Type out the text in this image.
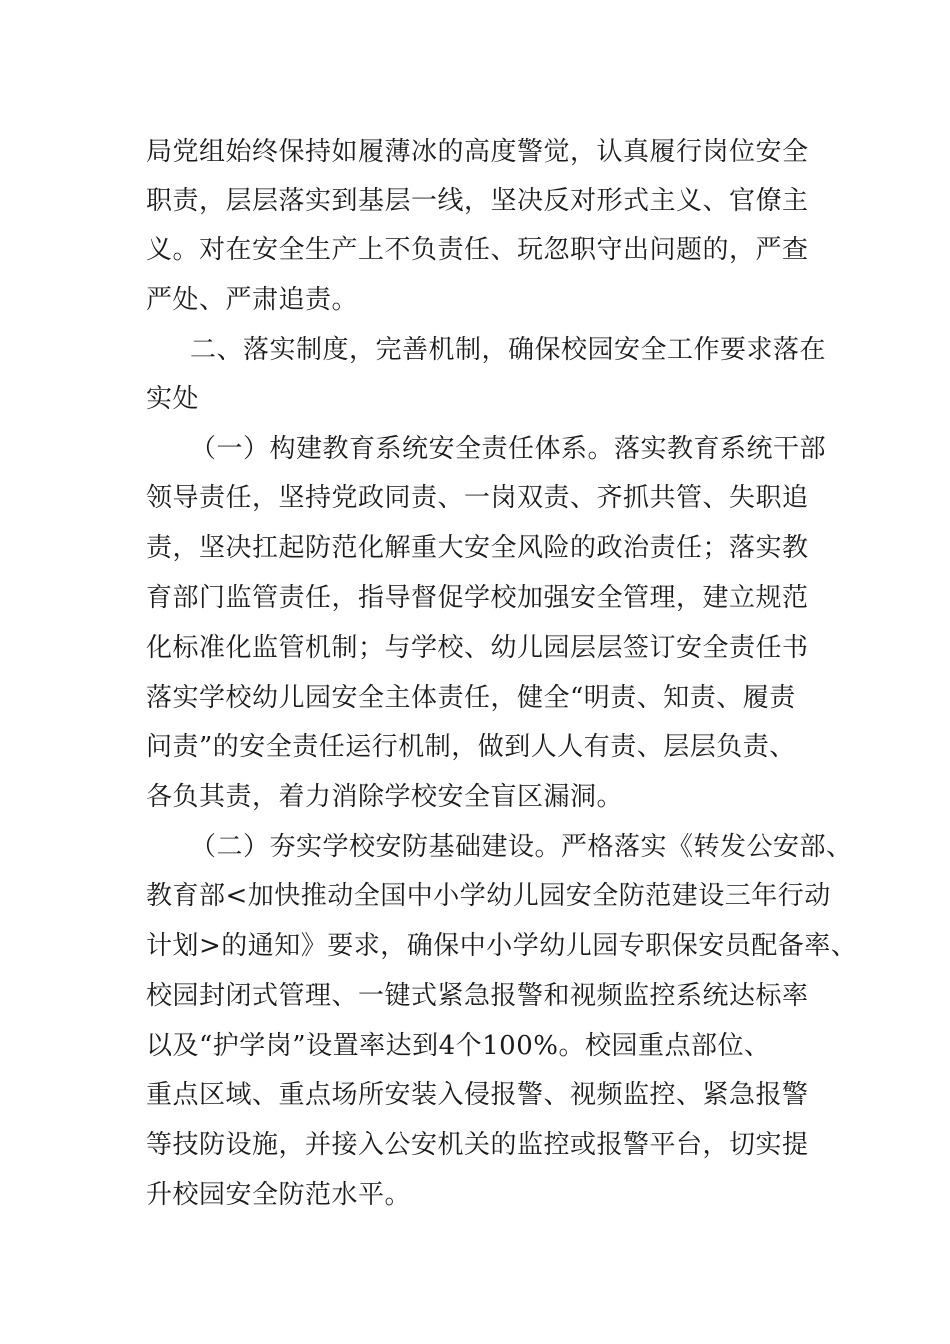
局党组始终保持如履薄冰的高度警觉，认真履行岗位安全
职责，层层落实到基层一线，坚决反对形式主义、官僚主
义。对在安全生产上不负责任、玩忽职守出问题的，严查
严处、严肃追责。
二、落实制度，完善机制，确保校园安全工作要求落在
实处
（一）构建教育系统安全责任体系。落实教育系统干部
领导责任，坚持党政同责、一岗双责、齐抓共管、失职追
责，坚决扛起防范化解重大安全风险的政治责任；落实教
育部门监管责任，指导督促学校加强安全管理，建立规范
化标准化监管机制；与学校、幼儿园层层签订安全责任书
落实学校幼儿园安全主体责任，健全“明责、知责、履责
问责”的安全责任运行机制，做到人人有责、层层负责、
各负其责，着力消除学校安全盲区漏洞。
（二）夯实学校安防基础建设。严格落实《转发公安部、
教育部<加快推动全国中小学幼儿园安全防范建设三年行动
计划>的通知》要求，确保中小学幼儿园专职保安员配备率、
校园封闭式管理、一键式紧急报警和视频监控系统达标率
以及“护学岗”设置率达到4个100%。校园重点部位、
重点区域、重点场所安装入侵报警、视频监控、紧急报警
等技防设施，并接入公安机关的监控或报警平台，切实提
升校园安全防范水平。
